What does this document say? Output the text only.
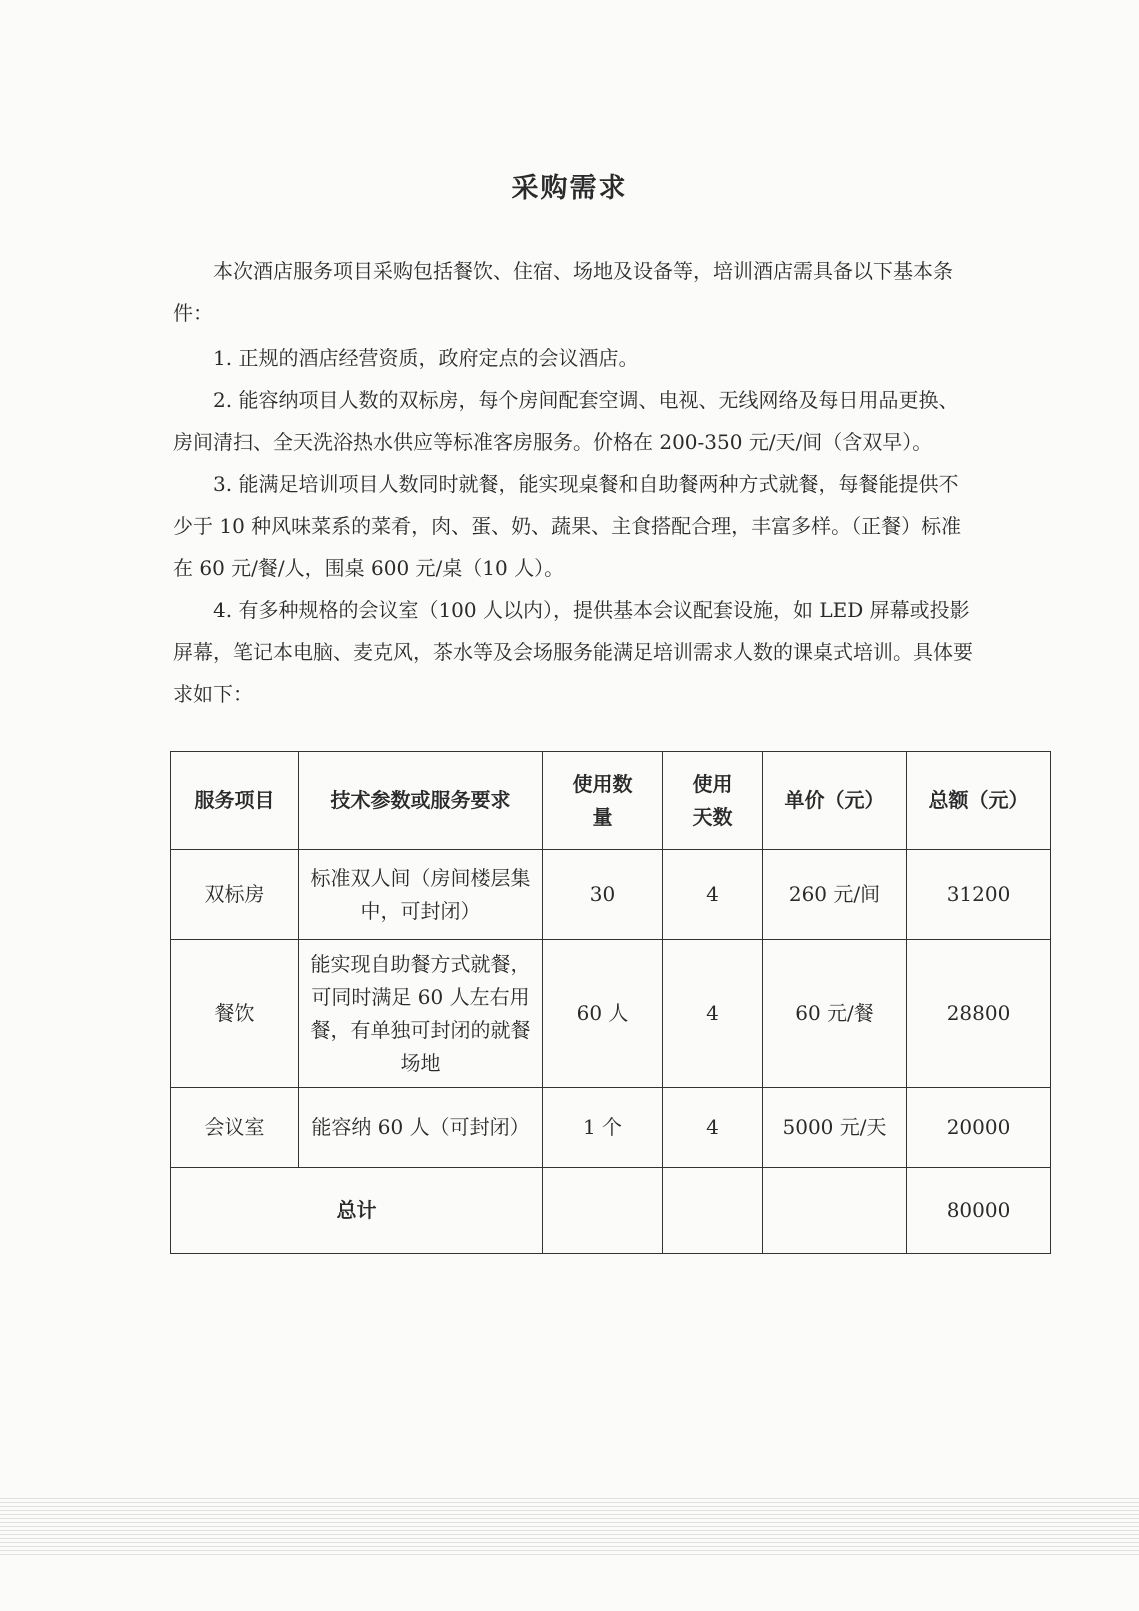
采购需求

本次酒店服务项目采购包括餐饮、住宿、场地及设备等，培训酒店需具备以下基本条件：

1. 正规的酒店经营资质，政府定点的会议酒店。

2. 能容纳项目人数的双标房，每个房间配套空调、电视、无线网络及每日用品更换、房间清扫、全天洗浴热水供应等标准客房服务。价格在 200-350 元/天/间（含双早）。

3. 能满足培训项目人数同时就餐，能实现桌餐和自助餐两种方式就餐，每餐能提供不少于 10 种风味菜系的菜肴，肉、蛋、奶、蔬果、主食搭配合理，丰富多样。（正餐）标准在 60 元/餐/人，围桌 600 元/桌（10 人）。

4. 有多种规格的会议室（100 人以内），提供基本会议配套设施，如 LED 屏幕或投影屏幕，笔记本电脑、麦克风，茶水等及会场服务能满足培训需求人数的课桌式培训。具体要求如下：

服务项目	技术参数或服务要求	使用数量	使用天数	单价（元）	总额（元）
双标房	标准双人间（房间楼层集中，可封闭）	30	4	260 元/间	31200
餐饮	能实现自助餐方式就餐，可同时满足 60 人左右用餐，有单独可封闭的就餐场地	60 人	4	60 元/餐	28800
会议室	能容纳 60 人（可封闭）	1 个	4	5000 元/天	20000
总计					80000
